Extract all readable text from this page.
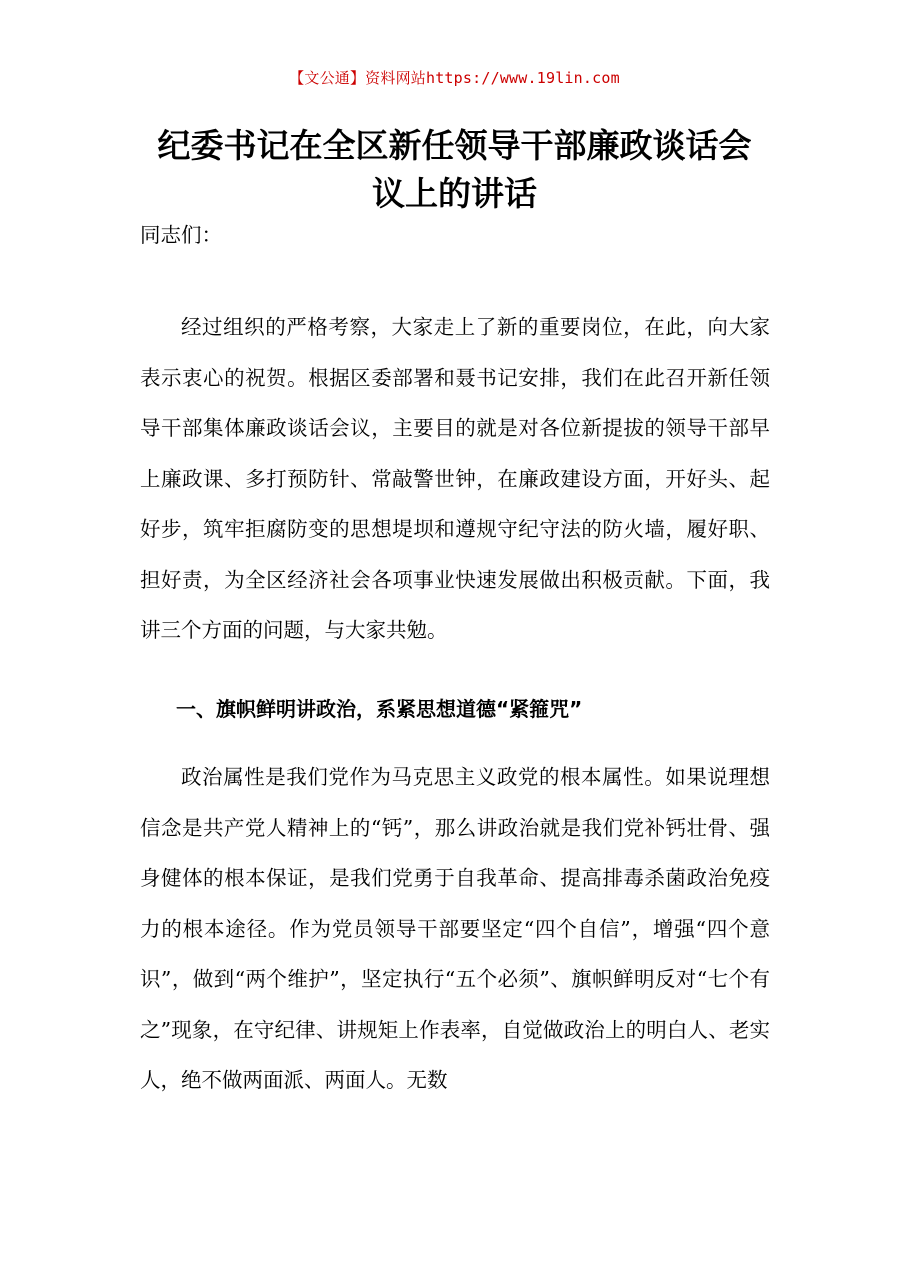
【文公通】资料网站https://www.19lin.com
纪委书记在全区新任领导干部廉政谈话会
议上的讲话

同志们：

经过组织的严格考察，大家走上了新的重要岗位，在此，向大家表示衷心的祝贺。根据区委部署和聂书记安排，我们在此召开新任领导干部集体廉政谈话会议，主要目的就是对各位新提拔的领导干部早上廉政课、多打预防针、常敲警世钟，在廉政建设方面，开好头、起好步，筑牢拒腐防变的思想堤坝和遵规守纪守法的防火墙，履好职、担好责，为全区经济社会各项事业快速发展做出积极贡献。下面，我讲三个方面的问题，与大家共勉。

一、旗帜鲜明讲政治，系紧思想道德“紧箍咒”

政治属性是我们党作为马克思主义政党的根本属性。如果说理想信念是共产党人精神上的“钙”，那么讲政治就是我们党补钙壮骨、强身健体的根本保证，是我们党勇于自我革命、提高排毒杀菌政治免疫力的根本途径。作为党员领导干部要坚定“四个自信”，增强“四个意识”，做到“两个维护”，坚定执行“五个必须”、旗帜鲜明反对“七个有之”现象，在守纪律、讲规矩上作表率，自觉做政治上的明白人、老实人，绝不做两面派、两面人。无数
